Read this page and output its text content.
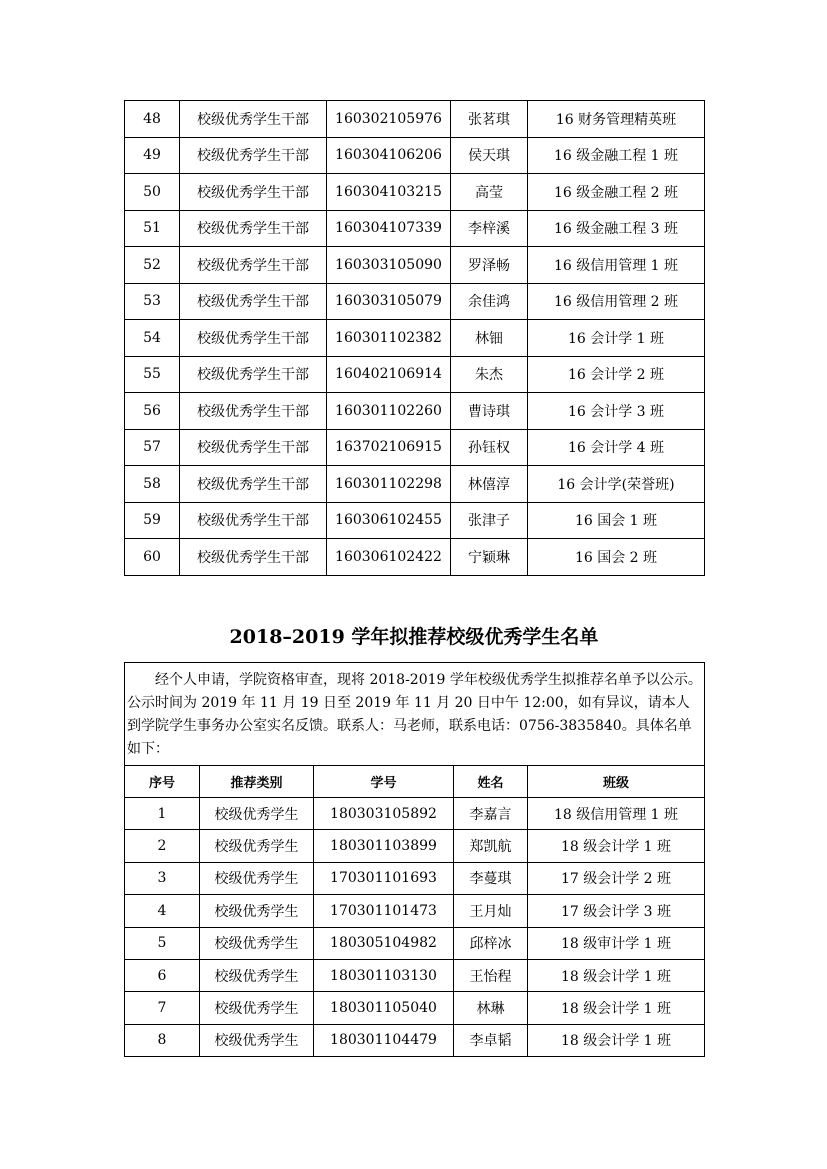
48	校级优秀学生干部	160302105976	张茗琪	16 财务管理精英班
49	校级优秀学生干部	160304106206	侯天琪	16 级金融工程 1 班
50	校级优秀学生干部	160304103215	高莹	16 级金融工程 2 班
51	校级优秀学生干部	160304107339	李梓溪	16 级金融工程 3 班
52	校级优秀学生干部	160303105090	罗泽畅	16 级信用管理 1 班
53	校级优秀学生干部	160303105079	余佳鸿	16 级信用管理 2 班
54	校级优秀学生干部	160301102382	林钿	16 会计学 1 班
55	校级优秀学生干部	160402106914	朱杰	16 会计学 2 班
56	校级优秀学生干部	160301102260	曹诗琪	16 会计学 3 班
57	校级优秀学生干部	163702106915	孙钰权	16 会计学 4 班
58	校级优秀学生干部	160301102298	林僖淳	16 会计学(荣誉班)
59	校级优秀学生干部	160306102455	张津子	16 国会 1 班
60	校级优秀学生干部	160306102422	宁颖琳	16 国会 2 班
2018–2019 学年拟推荐校级优秀学生名单
经个人申请，学院资格审查，现将 2018-2019 学年校级优秀学生拟推荐名单予以公示。公示时间为 2019 年 11 月 19 日至 2019 年 11 月 20 日中午 12:00，如有异议，请本人到学院学生事务办公室实名反馈。联系人：马老师，联系电话：0756-3835840。具体名单如下：				

序号	推荐类别	学号	姓名	班级
1	校级优秀学生	180303105892	李嘉言	18 级信用管理 1 班
2	校级优秀学生	180301103899	郑凯航	18 级会计学 1 班
3	校级优秀学生	170301101693	李蔓琪	17 级会计学 2 班
4	校级优秀学生	170301101473	王月灿	17 级会计学 3 班
5	校级优秀学生	180305104982	邱梓冰	18 级审计学 1 班
6	校级优秀学生	180301103130	王怡程	18 级会计学 1 班
7	校级优秀学生	180301105040	林琳	18 级会计学 1 班
8	校级优秀学生	180301104479	李卓韬	18 级会计学 1 班
